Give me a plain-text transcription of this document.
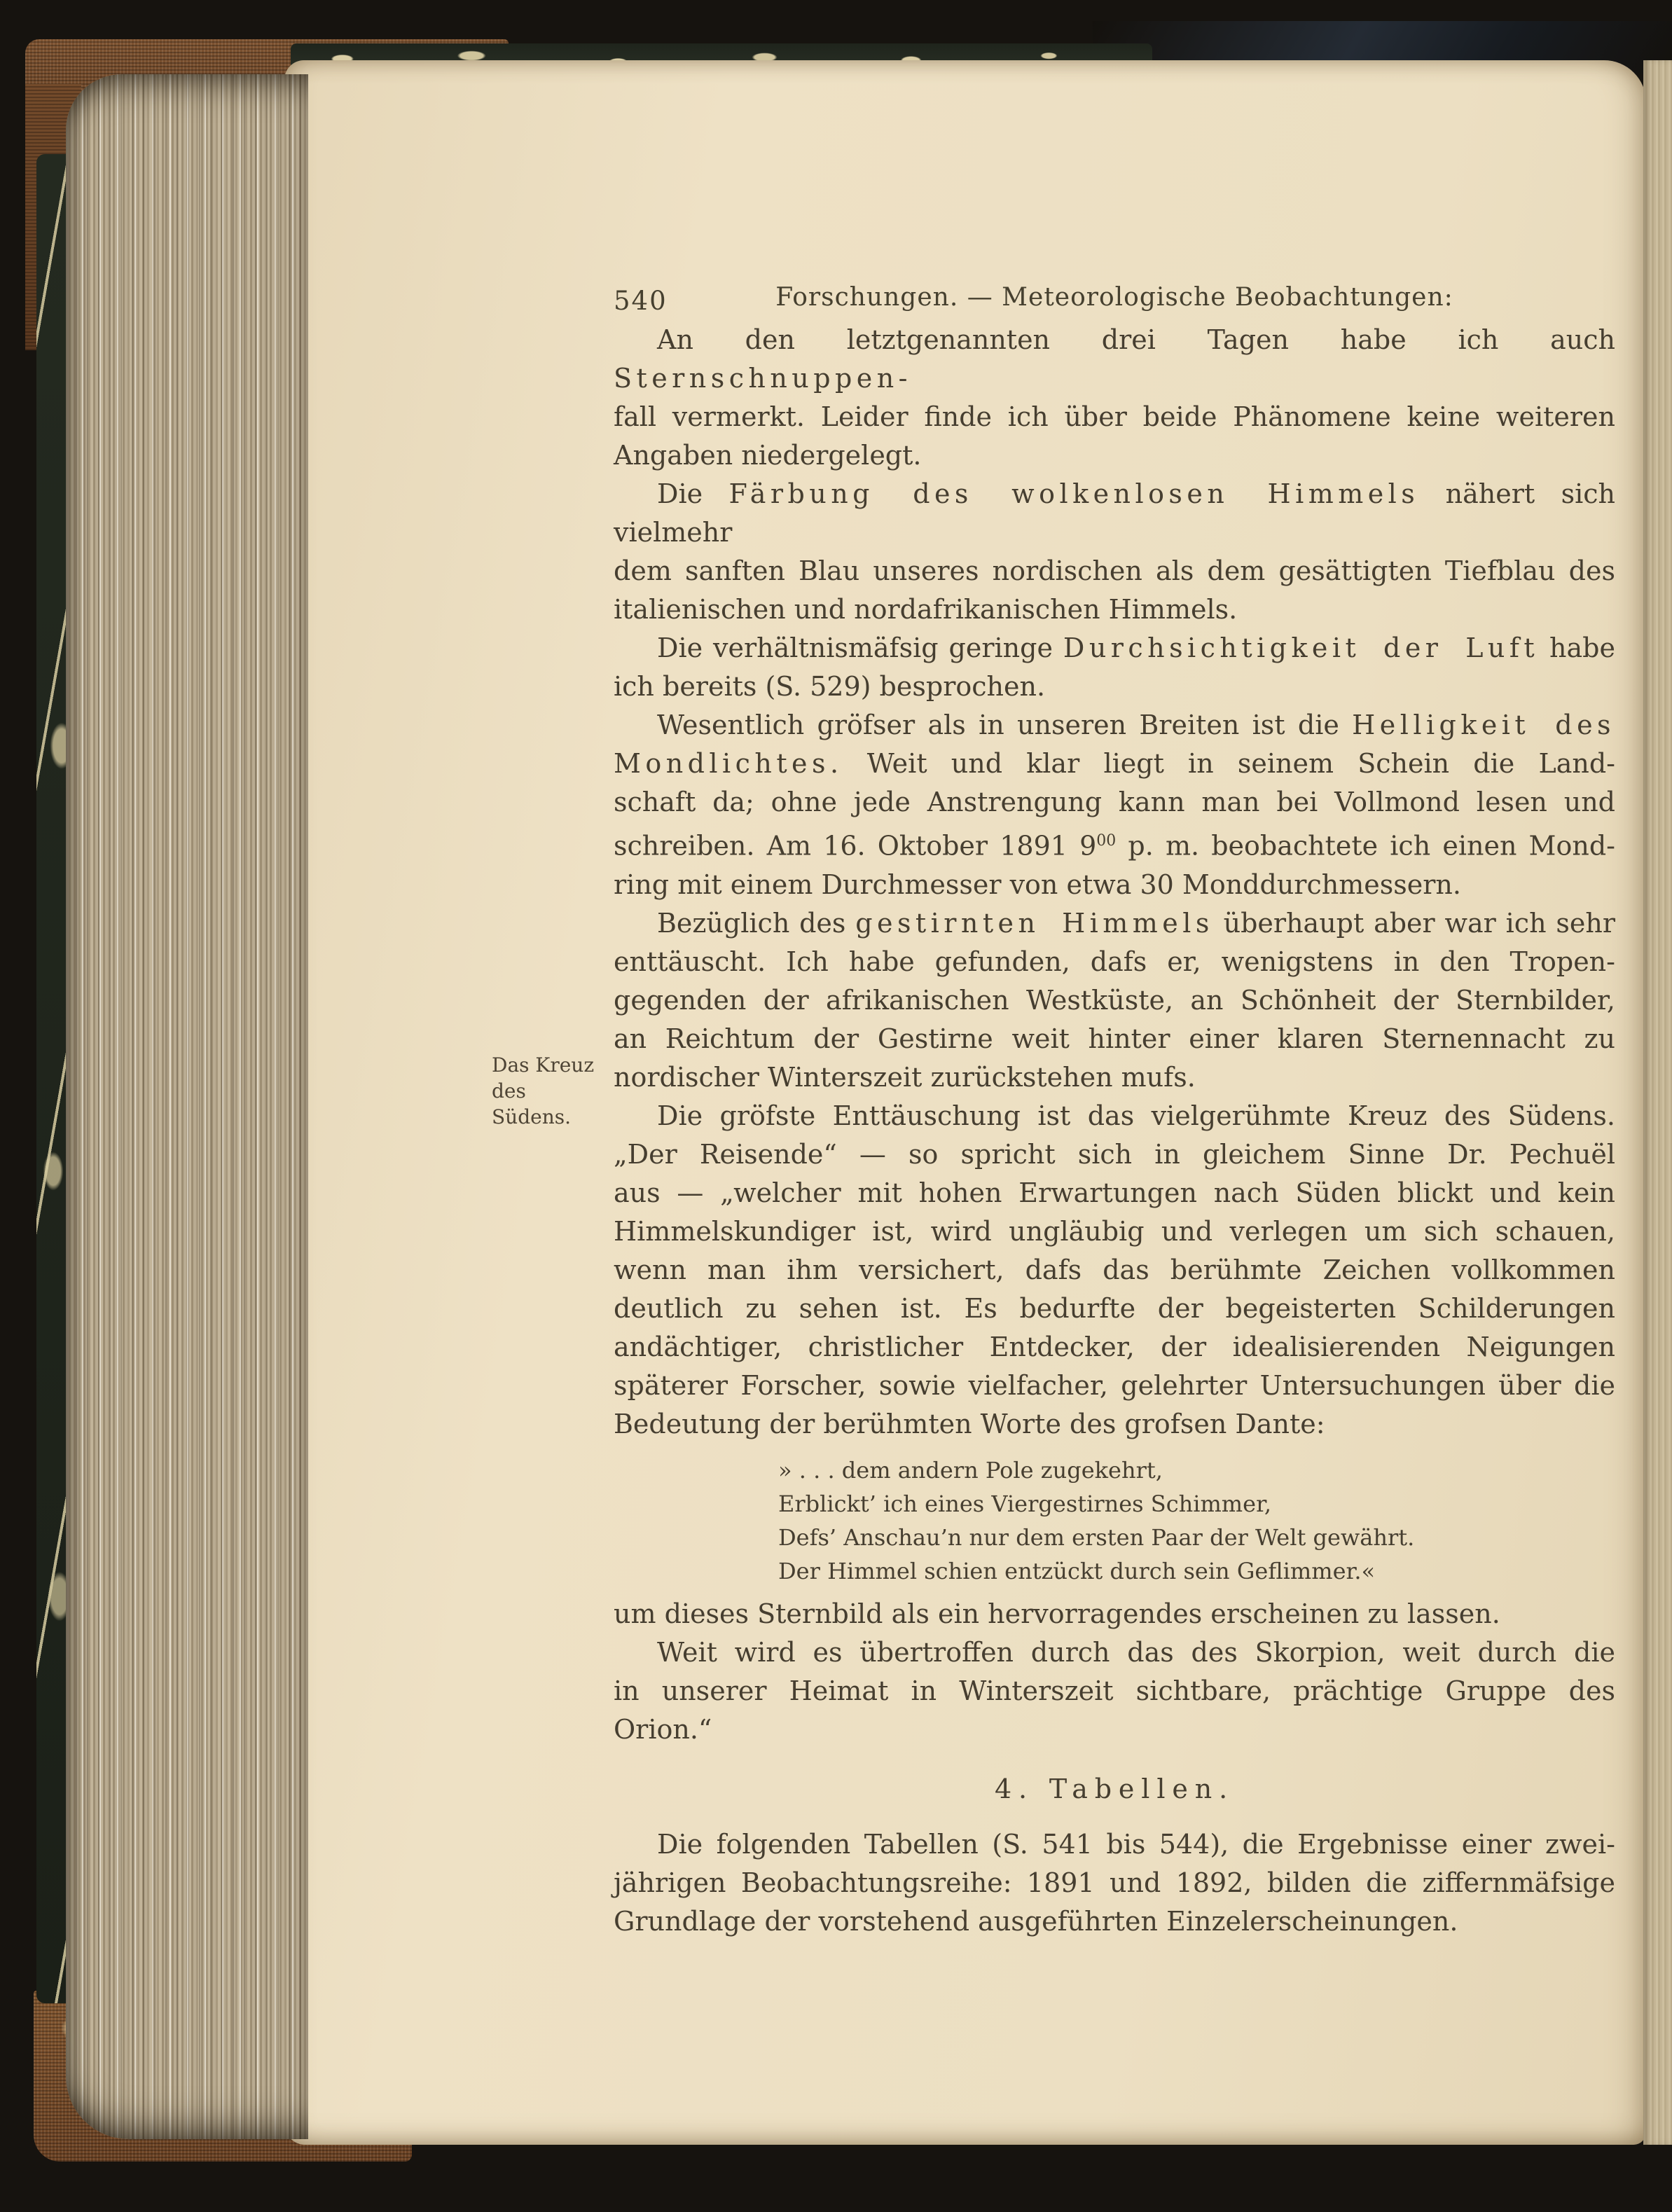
540	Forschungen. — Meteorologische Beobachtungen:
Das Kreuz
des Südens.
An den letztgenannten drei Tagen habe ich auch Sternschnuppen-
fall vermerkt. Leider finde ich über beide Phänomene keine weiteren
Angaben niedergelegt.
Die Färbung des wolkenlosen Himmels nähert sich vielmehr
dem sanften Blau unseres nordischen als dem gesättigten Tiefblau des
italienischen und nordafrikanischen Himmels.
Die verhältnismäfsig geringe Durchsichtigkeit der Luft habe
ich bereits (S. 529) besprochen.
Wesentlich gröfser als in unseren Breiten ist die Helligkeit des
Mondlichtes. Weit und klar liegt in seinem Schein die Land-
schaft da; ohne jede Anstrengung kann man bei Vollmond lesen und
schreiben. Am 16. Oktober 1891 $9^{00}$ p. m. beobachtete ich einen Mond-
ring mit einem Durchmesser von etwa 30 Monddurchmessern.
Bezüglich des gestirnten Himmels überhaupt aber war ich sehr
enttäuscht. Ich habe gefunden, dafs er, wenigstens in den Tropen-
gegenden der afrikanischen Westküste, an Schönheit der Sternbilder,
an Reichtum der Gestirne weit hinter einer klaren Sternennacht zu
nordischer Winterszeit zurückstehen mufs.
Die gröfste Enttäuschung ist das vielgerühmte Kreuz des Südens.
„Der Reisende“ — so spricht sich in gleichem Sinne Dr. Pechuël
aus — „welcher mit hohen Erwartungen nach Süden blickt und kein
Himmelskundiger ist, wird ungläubig und verlegen um sich schauen,
wenn man ihm versichert, dafs das berühmte Zeichen vollkommen
deutlich zu sehen ist. Es bedurfte der begeisterten Schilderungen
andächtiger, christlicher Entdecker, der idealisierenden Neigungen
späterer Forscher, sowie vielfacher, gelehrter Untersuchungen über die
Bedeutung der berühmten Worte des grofsen Dante:
» . . . dem andern Pole zugekehrt,
Erblickt’ ich eines Viergestirnes Schimmer,
Defs’ Anschau’n nur dem ersten Paar der Welt gewährt.
Der Himmel schien entzückt durch sein Geflimmer.«
um dieses Sternbild als ein hervorragendes erscheinen zu lassen.
Weit wird es übertroffen durch das des Skorpion, weit durch die
in unserer Heimat in Winterszeit sichtbare, prächtige Gruppe des
Orion.“
4. Tabellen.
Die folgenden Tabellen (S. 541 bis 544), die Ergebnisse einer zwei-
jährigen Beobachtungsreihe: 1891 und 1892, bilden die ziffernmäfsige
Grundlage der vorstehend ausgeführten Einzelerscheinungen.
